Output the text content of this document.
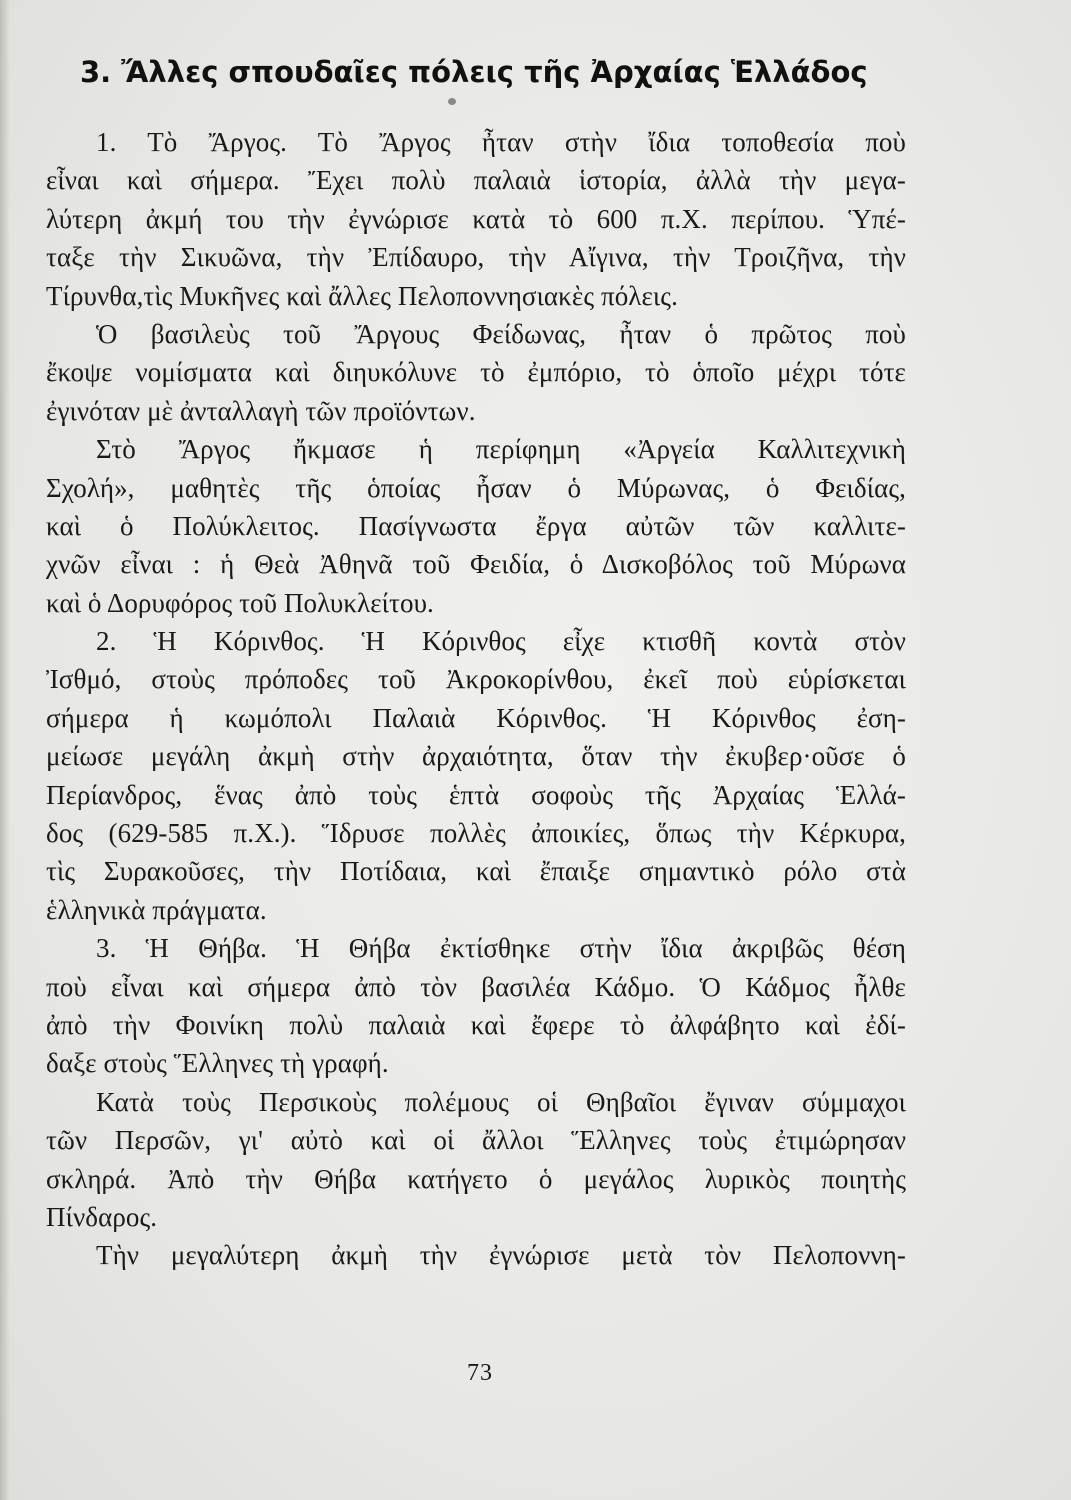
3. Ἄλλες σπουδαῖες πόλεις τῆς Ἀρχαίας Ἑλλάδος
1. Τὸ Ἄργος. Τὸ Ἄργος ἦταν στὴν ἴδια τοποθεσία ποὺ
εἶναι καὶ σήμερα. Ἔχει πολὺ παλαιὰ ἱστορία, ἀλλὰ τὴν μεγα-
λύτερη ἀκμή του τὴν ἐγνώρισε κατὰ τὸ 600 π.Χ. περίπου. Ὑπέ-
ταξε τὴν Σικυῶνα, τὴν Ἐπίδαυρο, τὴν Αἴγινα, τὴν Τροιζῆνα, τὴν
Τίρυνθα,τὶς Μυκῆνες καὶ ἄλλες Πελοποννησιακὲς πόλεις.
Ὁ βασιλεὺς τοῦ Ἄργους Φείδωνας, ἦταν ὁ πρῶτος ποὺ
ἔκοψε νομίσματα καὶ διηυκόλυνε τὸ ἐμπόριο, τὸ ὁποῖο μέχρι τότε
ἐγινόταν μὲ ἀνταλλαγὴ τῶν προϊόντων.
Στὸ Ἄργος ἤκμασε ἡ περίφημη «Ἀργεία Καλλιτεχνικὴ
Σχολή», μαθητὲς τῆς ὁποίας ἦσαν ὁ Μύρωνας, ὁ Φειδίας,
καὶ ὁ Πολύκλειτος. Πασίγνωστα ἔργα αὐτῶν τῶν καλλιτε-
χνῶν εἶναι : ἡ Θεὰ Ἀθηνᾶ τοῦ Φειδία, ὁ Δισκοβόλος τοῦ Μύρωνα
καὶ ὁ Δορυφόρος τοῦ Πολυκλείτου.
2. Ἡ Κόρινθος. Ἡ Κόρινθος εἶχε κτισθῆ κοντὰ στὸν
Ἰσθμό, στοὺς πρόποδες τοῦ Ἀκροκορίνθου, ἐκεῖ ποὺ εὑρίσκεται
σήμερα ἡ κωμόπολι Παλαιὰ Κόρινθος. Ἡ Κόρινθος ἐση-
μείωσε μεγάλη ἀκμὴ στὴν ἀρχαιότητα, ὅταν τὴν ἐκυβερ·οῦσε ὁ
Περίανδρος, ἕνας ἀπὸ τοὺς ἑπτὰ σοφοὺς τῆς Ἀρχαίας Ἑλλά-
δος (629-585 π.Χ.). Ἵδρυσε πολλὲς ἀποικίες, ὅπως τὴν Κέρκυρα,
τὶς Συρακοῦσες, τὴν Ποτίδαια, καὶ ἔπαιξε σημαντικὸ ρόλο στὰ
ἑλληνικὰ πράγματα.
3. Ἡ Θήβα. Ἡ Θήβα ἐκτίσθηκε στὴν ἴδια ἀκριβῶς θέση
ποὺ εἶναι καὶ σήμερα ἀπὸ τὸν βασιλέα Κάδμο. Ὁ Κάδμος ἦλθε
ἀπὸ τὴν Φοινίκη πολὺ παλαιὰ καὶ ἔφερε τὸ ἀλφάβητο καὶ ἐδί-
δαξε στοὺς Ἕλληνες τὴ γραφή.
Κατὰ τοὺς Περσικοὺς πολέμους οἱ Θηβαῖοι ἔγιναν σύμμαχοι
τῶν Περσῶν, γι' αὐτὸ καὶ οἱ ἄλλοι Ἕλληνες τοὺς ἐτιμώρησαν
σκληρά. Ἀπὸ τὴν Θήβα κατήγετο ὁ μεγάλος λυρικὸς ποιητὴς
Πίνδαρος.
Τὴν μεγαλύτερη ἀκμὴ τὴν ἐγνώρισε μετὰ τὸν Πελοποννη-
73
